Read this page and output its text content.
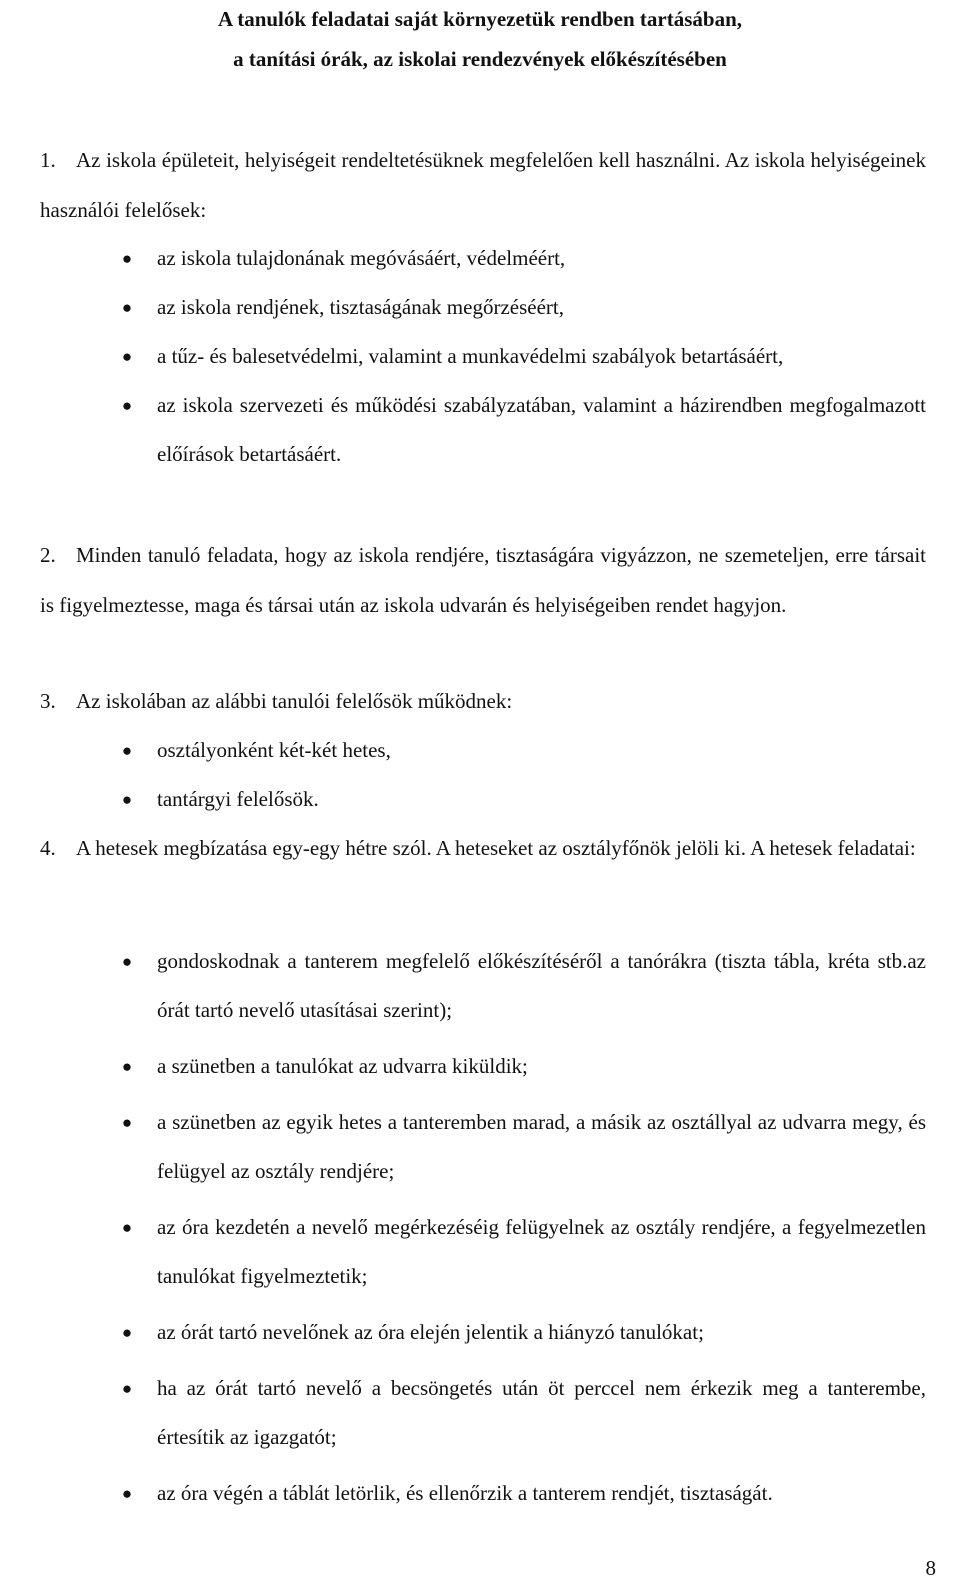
A tanulók feladatai saját környezetük rendben tartásában,
a tanítási órák, az iskolai rendezvények előkészítésében
1. Az iskola épületeit, helyiségeit rendeltetésüknek megfelelően kell használni. Az iskola helyiségeinek használói felelősek:
● az iskola tulajdonának megóvásáért, védelméért,
● az iskola rendjének, tisztaságának megőrzéséért,
● a tűz- és balesetvédelmi, valamint a munkavédelmi szabályok betartásáért,
● az iskola szervezeti és működési szabályzatában, valamint a házirendben megfogalmazott előírások betartásáért.
2. Minden tanuló feladata, hogy az iskola rendjére, tisztaságára vigyázzon, ne szemeteljen, erre társait is figyelmeztesse, maga és társai után az iskola udvarán és helyiségeiben rendet hagyjon.
3. Az iskolában az alábbi tanulói felelősök működnek:
● osztályonként két-két hetes,
● tantárgyi felelősök.
4. A hetesek megbízatása egy-egy hétre szól. A heteseket az osztályfőnök jelöli ki. A hetesek feladatai:
● gondoskodnak a tanterem megfelelő előkészítéséről a tanórákra (tiszta tábla, kréta stb.az órát tartó nevelő utasításai szerint);
● a szünetben a tanulókat az udvarra kiküldik;
● a szünetben az egyik hetes a tanteremben marad, a másik az osztállyal az udvarra megy, és felügyel az osztály rendjére;
● az óra kezdetén a nevelő megérkezéséig felügyelnek az osztály rendjére, a fegyelmezetlen tanulókat figyelmeztetik;
● az órát tartó nevelőnek az óra elején jelentik a hiányzó tanulókat;
● ha az órát tartó nevelő a becsöngetés után öt perccel nem érkezik meg a tanterembe, értesítik az igazgatót;
● az óra végén a táblát letörlik, és ellenőrzik a tanterem rendjét, tisztaságát.
8
